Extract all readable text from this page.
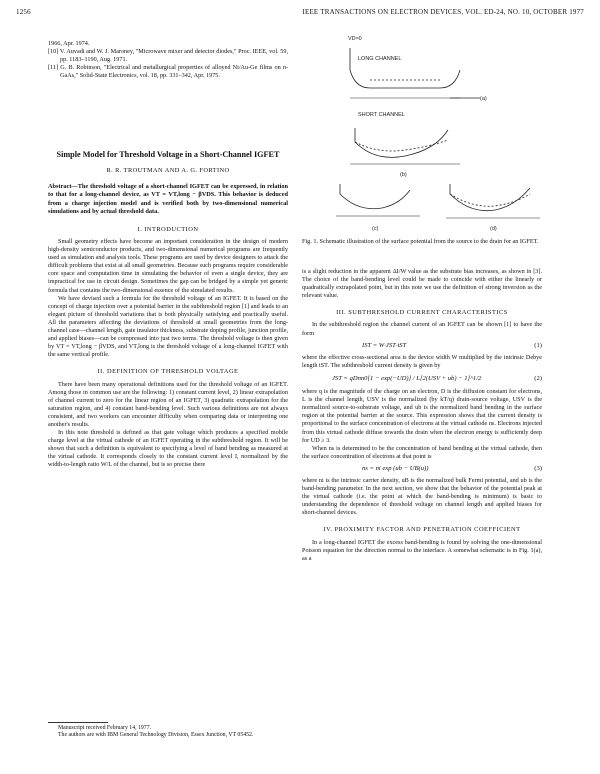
1256	IEEE TRANSACTIONS ON ELECTRON DEVICES, VOL. ED-24, NO. 10, OCTOBER 1977

1966, Apr. 1974.

[10] V. Auvadi and W. J. Maroney, "Microwave mixer and detector diodes," Proc. IEEE, vol. 59, pp. 1183–1190, Aug. 1971.

[11] G. B. Robinson, "Electrical and metallurgical properties of alloyed Ni/Au-Ge films on n-GaAs," Solid-State Electronics, vol. 18, pp. 331–342, Apr. 1975.

Simple Model for Threshold Voltage in a Short-Channel IGFET
R. R. TROUTMAN AND A. G. FORTINO

Abstract—The threshold voltage of a short-channel IGFET can be expressed, in relation to that for a long-channel device, as VT = VT,long − βVDS. This behavior is deduced from a charge injection model and is verified both by two-dimensional numerical simulations and by actual threshold data.

I. INTRODUCTION

Small geometry effects have become an important consideration in the design of modern high-density semiconductor products, and two-dimensional numerical programs are frequently used as simulation and analysis tools. These programs are used by device designers to attack the difficult problems that exist at all small geometries. Because such programs require considerable core space and computation time in simulating the behavior of even a single device, they are impractical for use in circuit design. Sometimes the gap can be bridged by a simple yet generic formula that contains the two-dimensional essence of the simulated results.

We have devised such a formula for the threshold voltage of an IGFET. It is based on the concept of charge injection over a potential barrier in the subthreshold region [1] and leads to an elegant picture of threshold variations that is both physically satisfying and practically useful. All the parameters affecting the deviations of threshold at small geometries from the long-channel case—channel length, gate insulator thickness, substrate doping profile, junction profile, and applied biases—can be compressed into just two terms. The threshold voltage is then given by VT = VT,long − βVDS, and VT,long is the threshold voltage of a long-channel IGFET with the same vertical profile.

II. DEFINITION OF THRESHOLD VOLTAGE

There have been many operational definitions used for the threshold voltage of an IGFET. Among those in common use are the following: 1) constant current level, 2) linear extrapolation of channel current to zero for the linear region of an IGFET, 3) quadratic extrapolation for the saturation region, and 4) constant band-bending level. Such various definitions are not always consistent, and two workers can encounter difficulty when comparing data or interpreting one another's results.

In this note threshold is defined as that gate voltage which produces a specified mobile charge level at the virtual cathode of an IGFET operating in the subthreshold region. It will be shown that such a definition is equivalent to specifying a level of band bending as measured at the virtual cathode. It corresponds closely to the constant current level I, normalized by the width-to-length ratio W/L of the channel, but is so precise there

Manuscript received February 14, 1977.
The authors are with IBM General Technology Division, Essex Junction, VT 05452.
VD≈0
LONG CHANNEL
(a)
SHORT CHANNEL
(b)
(c)	(d)
Fig. 1. Schematic illustration of the surface potential from the source to the drain for an IGFET.

is a slight reduction in the apparent ΔI/W value as the substrate bias increases, as shown in [3]. The choice of the band-bending level could be made to coincide with either the linearly or quadratically extrapolated point, but in this note we use the definition of strong inversion as the relevant value.

III. SUBTHRESHOLD CURRENT CHARACTERISTICS

In the subthreshold region the channel current of an IGFET can be shown [1] to have the form

IST = W·JST·tST	(1)

where the effective cross-sectional area is the device width W multiplied by the intrinsic Debye length tST. The subthreshold current density is given by

JST = qDnn0[1 − exp(−UD)] / L[2(USV + ub) − 1]^1/2	(2)

where q is the magnitude of the charge on an electron, D is the diffusion constant for electrons, L is the channel length, USV is the normalized (by kT/q) drain-source voltage, USV is the normalized source-to-substrate voltage, and ub is the normalized band bending in the surface region at the potential barrier at the source. This expression shows that the current density is proportional to the surface concentration of electrons at the virtual cathode ns. Electrons injected from this virtual cathode diffuse towards the drain when the electron energy is sufficiently deep for UD ≥ 3.

When ns is determined to be the concentration of band bending at the virtual cathode, then the surface concentration of electrons at that point is

ns = ni exp (ub − UB(u))	(3)

where ni is the intrinsic carrier density, uB is the normalized bulk Fermi potential, and ub is the band-bending parameter. In the next section, we show that the behavior of the potential peak at the virtual cathode (i.e. the point at which the band-bending is minimum) is basic to understanding the dependence of threshold voltage on channel length and applied biases for short-channel devices.

IV. PROXIMITY FACTOR AND PENETRATION COEFFICIENT

In a long-channel IGFET the excess band-bending is found by solving the one-dimensional Poisson equation for the direction normal to the interface. A somewhat schematic is in Fig. 1(a), as a
